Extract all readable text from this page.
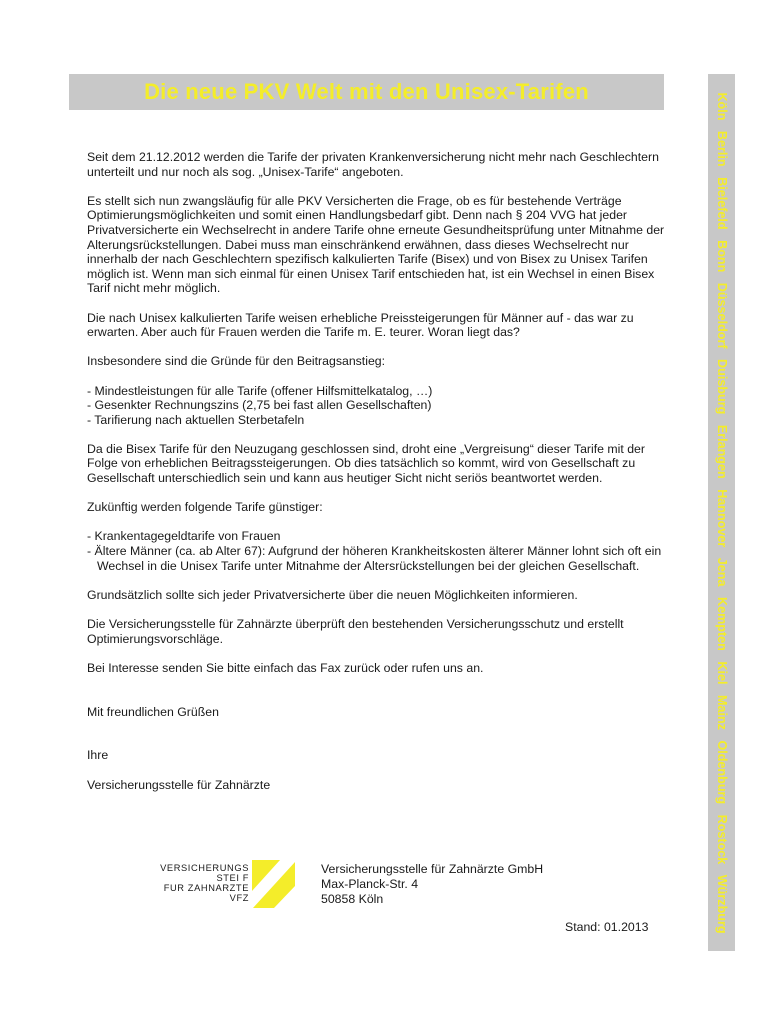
Die neue PKV Welt mit den Unisex-Tarifen
Köln Berlin Bielefeld Bonn Düsseldorf Duisburg Erlangen Hannover Jena Kempten Kiel Mainz Oldenburg Rostock Würzburg

Seit dem 21.12.2012 werden die Tarife der privaten Krankenversicherung nicht mehr nach Geschlechtern unterteilt und nur noch als sog. „Unisex-Tarife“ angeboten.

Es stellt sich nun zwangsläufig für alle PKV Versicherten die Frage, ob es für bestehende Verträge Optimierungsmöglichkeiten und somit einen Handlungsbedarf gibt. Denn nach § 204 VVG hat jeder Privatversicherte ein Wechselrecht in andere Tarife ohne erneute Gesundheitsprüfung unter Mitnahme der Alterungsrückstellungen. Dabei muss man einschränkend erwähnen, dass dieses Wechselrecht nur innerhalb der nach Geschlechtern spezifisch kalkulierten Tarife (Bisex) und von Bisex zu Unisex Tarifen möglich ist. Wenn man sich einmal für einen Unisex Tarif entschieden hat, ist ein Wechsel in einen Bisex Tarif nicht mehr möglich.

Die nach Unisex kalkulierten Tarife weisen erhebliche Preissteigerungen für Männer auf - das war zu erwarten. Aber auch für Frauen werden die Tarife m. E. teurer. Woran liegt das?

Insbesondere sind die Gründe für den Beitragsanstieg:

- Mindestleistungen für alle Tarife (offener Hilfsmittelkatalog, …)

- Gesenkter Rechnungszins (2,75 bei fast allen Gesellschaften)

- Tarifierung nach aktuellen Sterbetafeln

Da die Bisex Tarife für den Neuzugang geschlossen sind, droht eine „Vergreisung“ dieser Tarife mit der Folge von erheblichen Beitragssteigerungen. Ob dies tatsächlich so kommt, wird von Gesellschaft zu Gesellschaft unterschiedlich sein und kann aus heutiger Sicht nicht seriös beantwortet werden.

Zukünftig werden folgende Tarife günstiger:

- Krankentagegeldtarife von Frauen

- Ältere Männer (ca. ab Alter 67): Aufgrund der höheren Krankheitskosten älterer Männer lohnt sich oft ein Wechsel in die Unisex Tarife unter Mitnahme der Altersrückstellungen bei der gleichen Gesellschaft.

Grundsätzlich sollte sich jeder Privatversicherte über die neuen Möglichkeiten informieren.

Die Versicherungsstelle für Zahnärzte überprüft den bestehenden Versicherungsschutz und erstellt Optimierungsvorschläge.

Bei Interesse senden Sie bitte einfach das Fax zurück oder rufen uns an.

Mit freundlichen Grüßen

Ihre

Versicherungsstelle für Zahnärzte

VERSICHERUNGS
STEI F
FUR ZAHNARZTE
VFZ

Versicherungsstelle für Zahnärzte GmbH

Max-Planck-Str. 4

50858 Köln

Stand: 01.2013
